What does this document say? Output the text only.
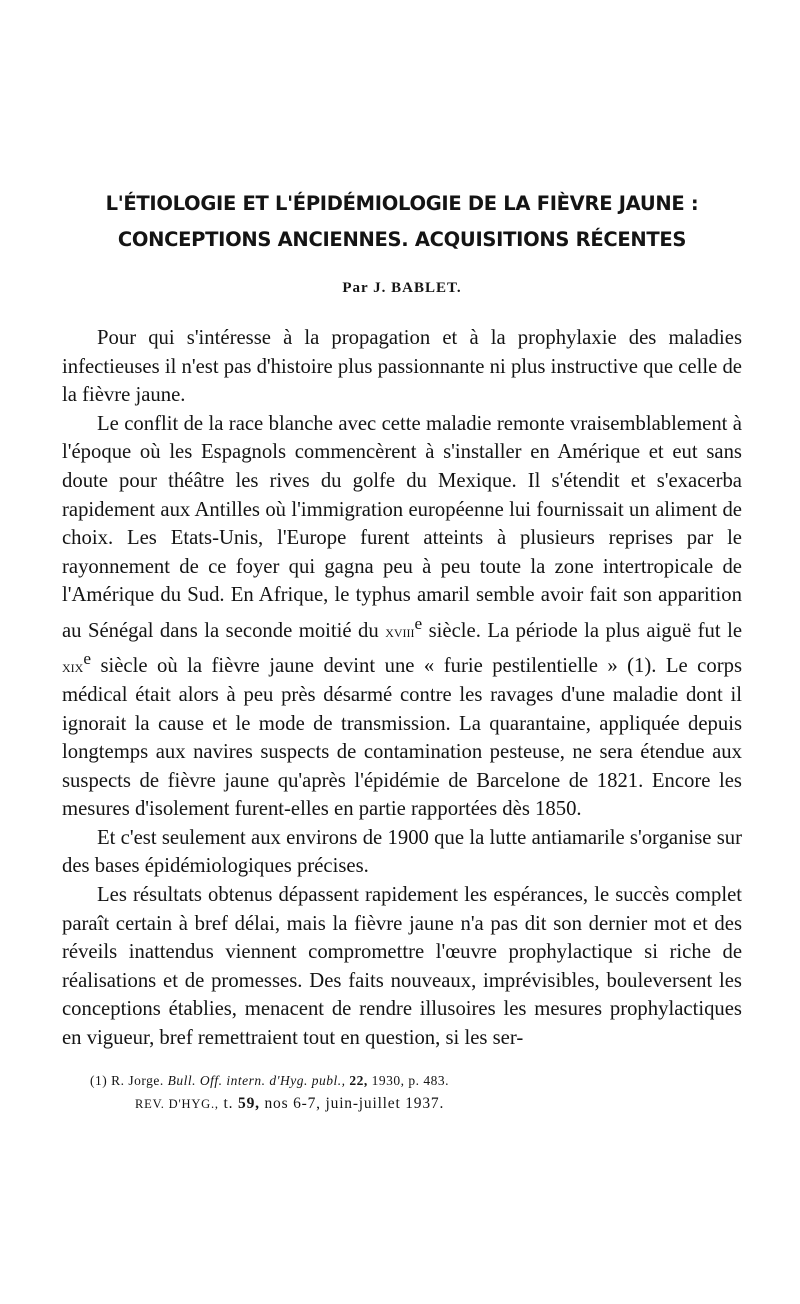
L'ÉTIOLOGIE ET L'ÉPIDÉMIOLOGIE DE LA FIÈVRE JAUNE :
CONCEPTIONS ANCIENNES. ACQUISITIONS RÉCENTES
Par J. BABLET.

Pour qui s'intéresse à la propagation et à la prophylaxie des maladies infectieuses il n'est pas d'histoire plus passionnante ni plus instructive que celle de la fièvre jaune.

Le conflit de la race blanche avec cette maladie remonte vraisemblablement à l'époque où les Espagnols commencèrent à s'installer en Amérique et eut sans doute pour théâtre les rives du golfe du Mexique. Il s'étendit et s'exacerba rapidement aux Antilles où l'immigration européenne lui fournissait un aliment de choix. Les Etats-Unis, l'Europe furent atteints à plusieurs reprises par le rayonnement de ce foyer qui gagna peu à peu toute la zone intertropicale de l'Amérique du Sud. En Afrique, le typhus amaril semble avoir fait son apparition au Sénégal dans la seconde moitié du xviii$^e$ siècle. La période la plus aiguë fut le xix$^e$ siècle où la fièvre jaune devint une « furie pestilentielle » (1). Le corps médical était alors à peu près désarmé contre les ravages d'une maladie dont il ignorait la cause et le mode de transmission. La quarantaine, appliquée depuis longtemps aux navires suspects de contamination pesteuse, ne sera étendue aux suspects de fièvre jaune qu'après l'épidémie de Barcelone de 1821. Encore les mesures d'isolement furent-elles en partie rapportées dès 1850.

Et c'est seulement aux environs de 1900 que la lutte antiamarile s'organise sur des bases épidémiologiques précises.

Les résultats obtenus dépassent rapidement les espérances, le succès complet paraît certain à bref délai, mais la fièvre jaune n'a pas dit son dernier mot et des réveils inattendus viennent compromettre l'œuvre prophylactique si riche de réalisations et de promesses. Des faits nouveaux, imprévisibles, bouleversent les conceptions établies, menacent de rendre illusoires les mesures prophylactiques en vigueur, bref remettraient tout en question, si les ser-

(1) R. Jorge. Bull. Off. intern. d'Hyg. publ., 22, 1930, p. 483.
REV. D'HYG., t. 59, nos 6-7, juin-juillet 1937.
